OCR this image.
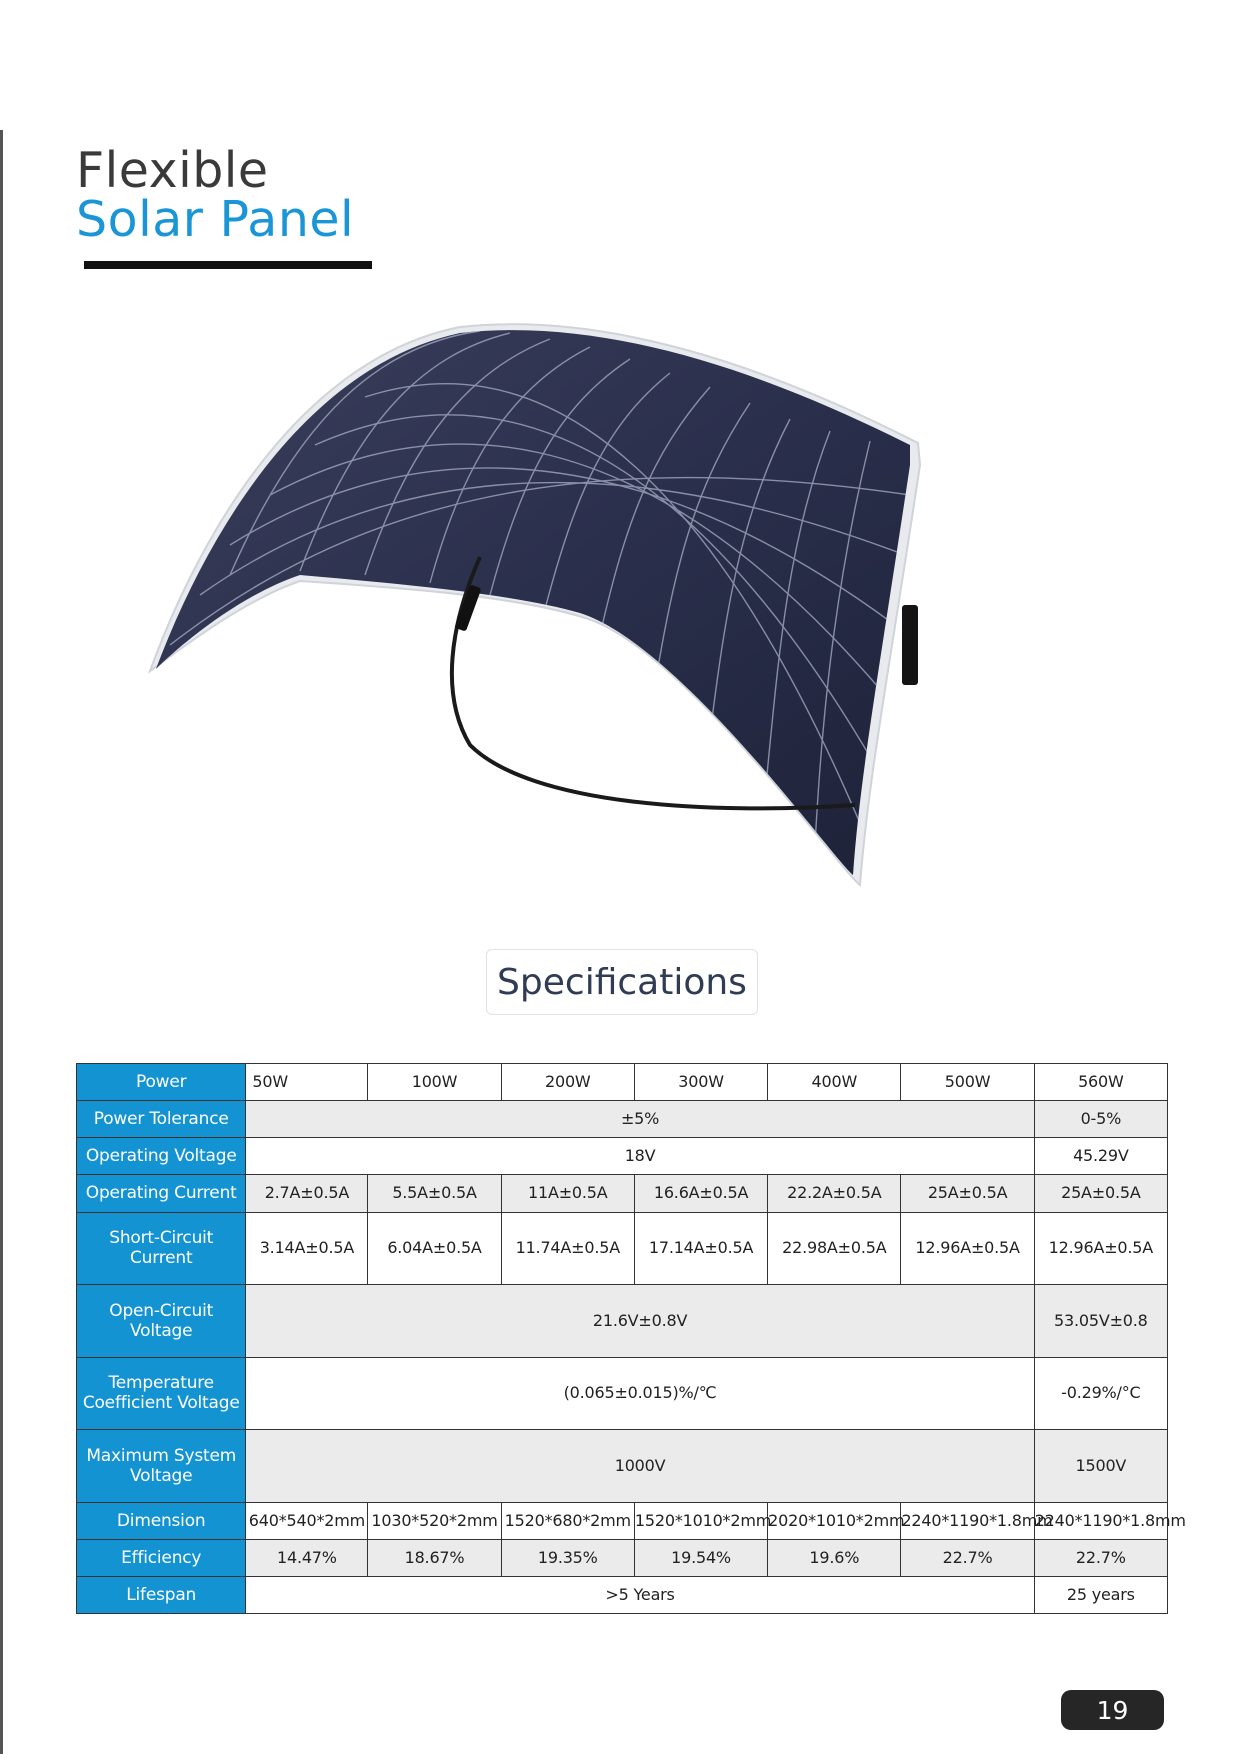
Flexible
Solar Panel
Specifications
Power	50W	100W	200W	300W	400W	500W	560W
Power Tolerance	±5%						0-5%
Operating Voltage	18V						45.29V
Operating Current	2.7A±0.5A	5.5A±0.5A	11A±0.5A	16.6A±0.5A	22.2A±0.5A	25A±0.5A	25A±0.5A
Short-Circuit Current	3.14A±0.5A	6.04A±0.5A	11.74A±0.5A	17.14A±0.5A	22.98A±0.5A	12.96A±0.5A	12.96A±0.5A
Open-Circuit Voltage	21.6V±0.8V						53.05V±0.8
Temperature Coefficient Voltage	(0.065±0.015)%/℃						-0.29%/°C
Maximum System Voltage	1000V						1500V
Dimension	640*540*2mm	1030*520*2mm	1520*680*2mm	1520*1010*2mm	2020*1010*2mm	2240*1190*1.8mm	2240*1190*1.8mm
Efficiency	14.47%	18.67%	19.35%	19.54%	19.6%	22.7%	22.7%
Lifespan	>5 Years						25 years
19
